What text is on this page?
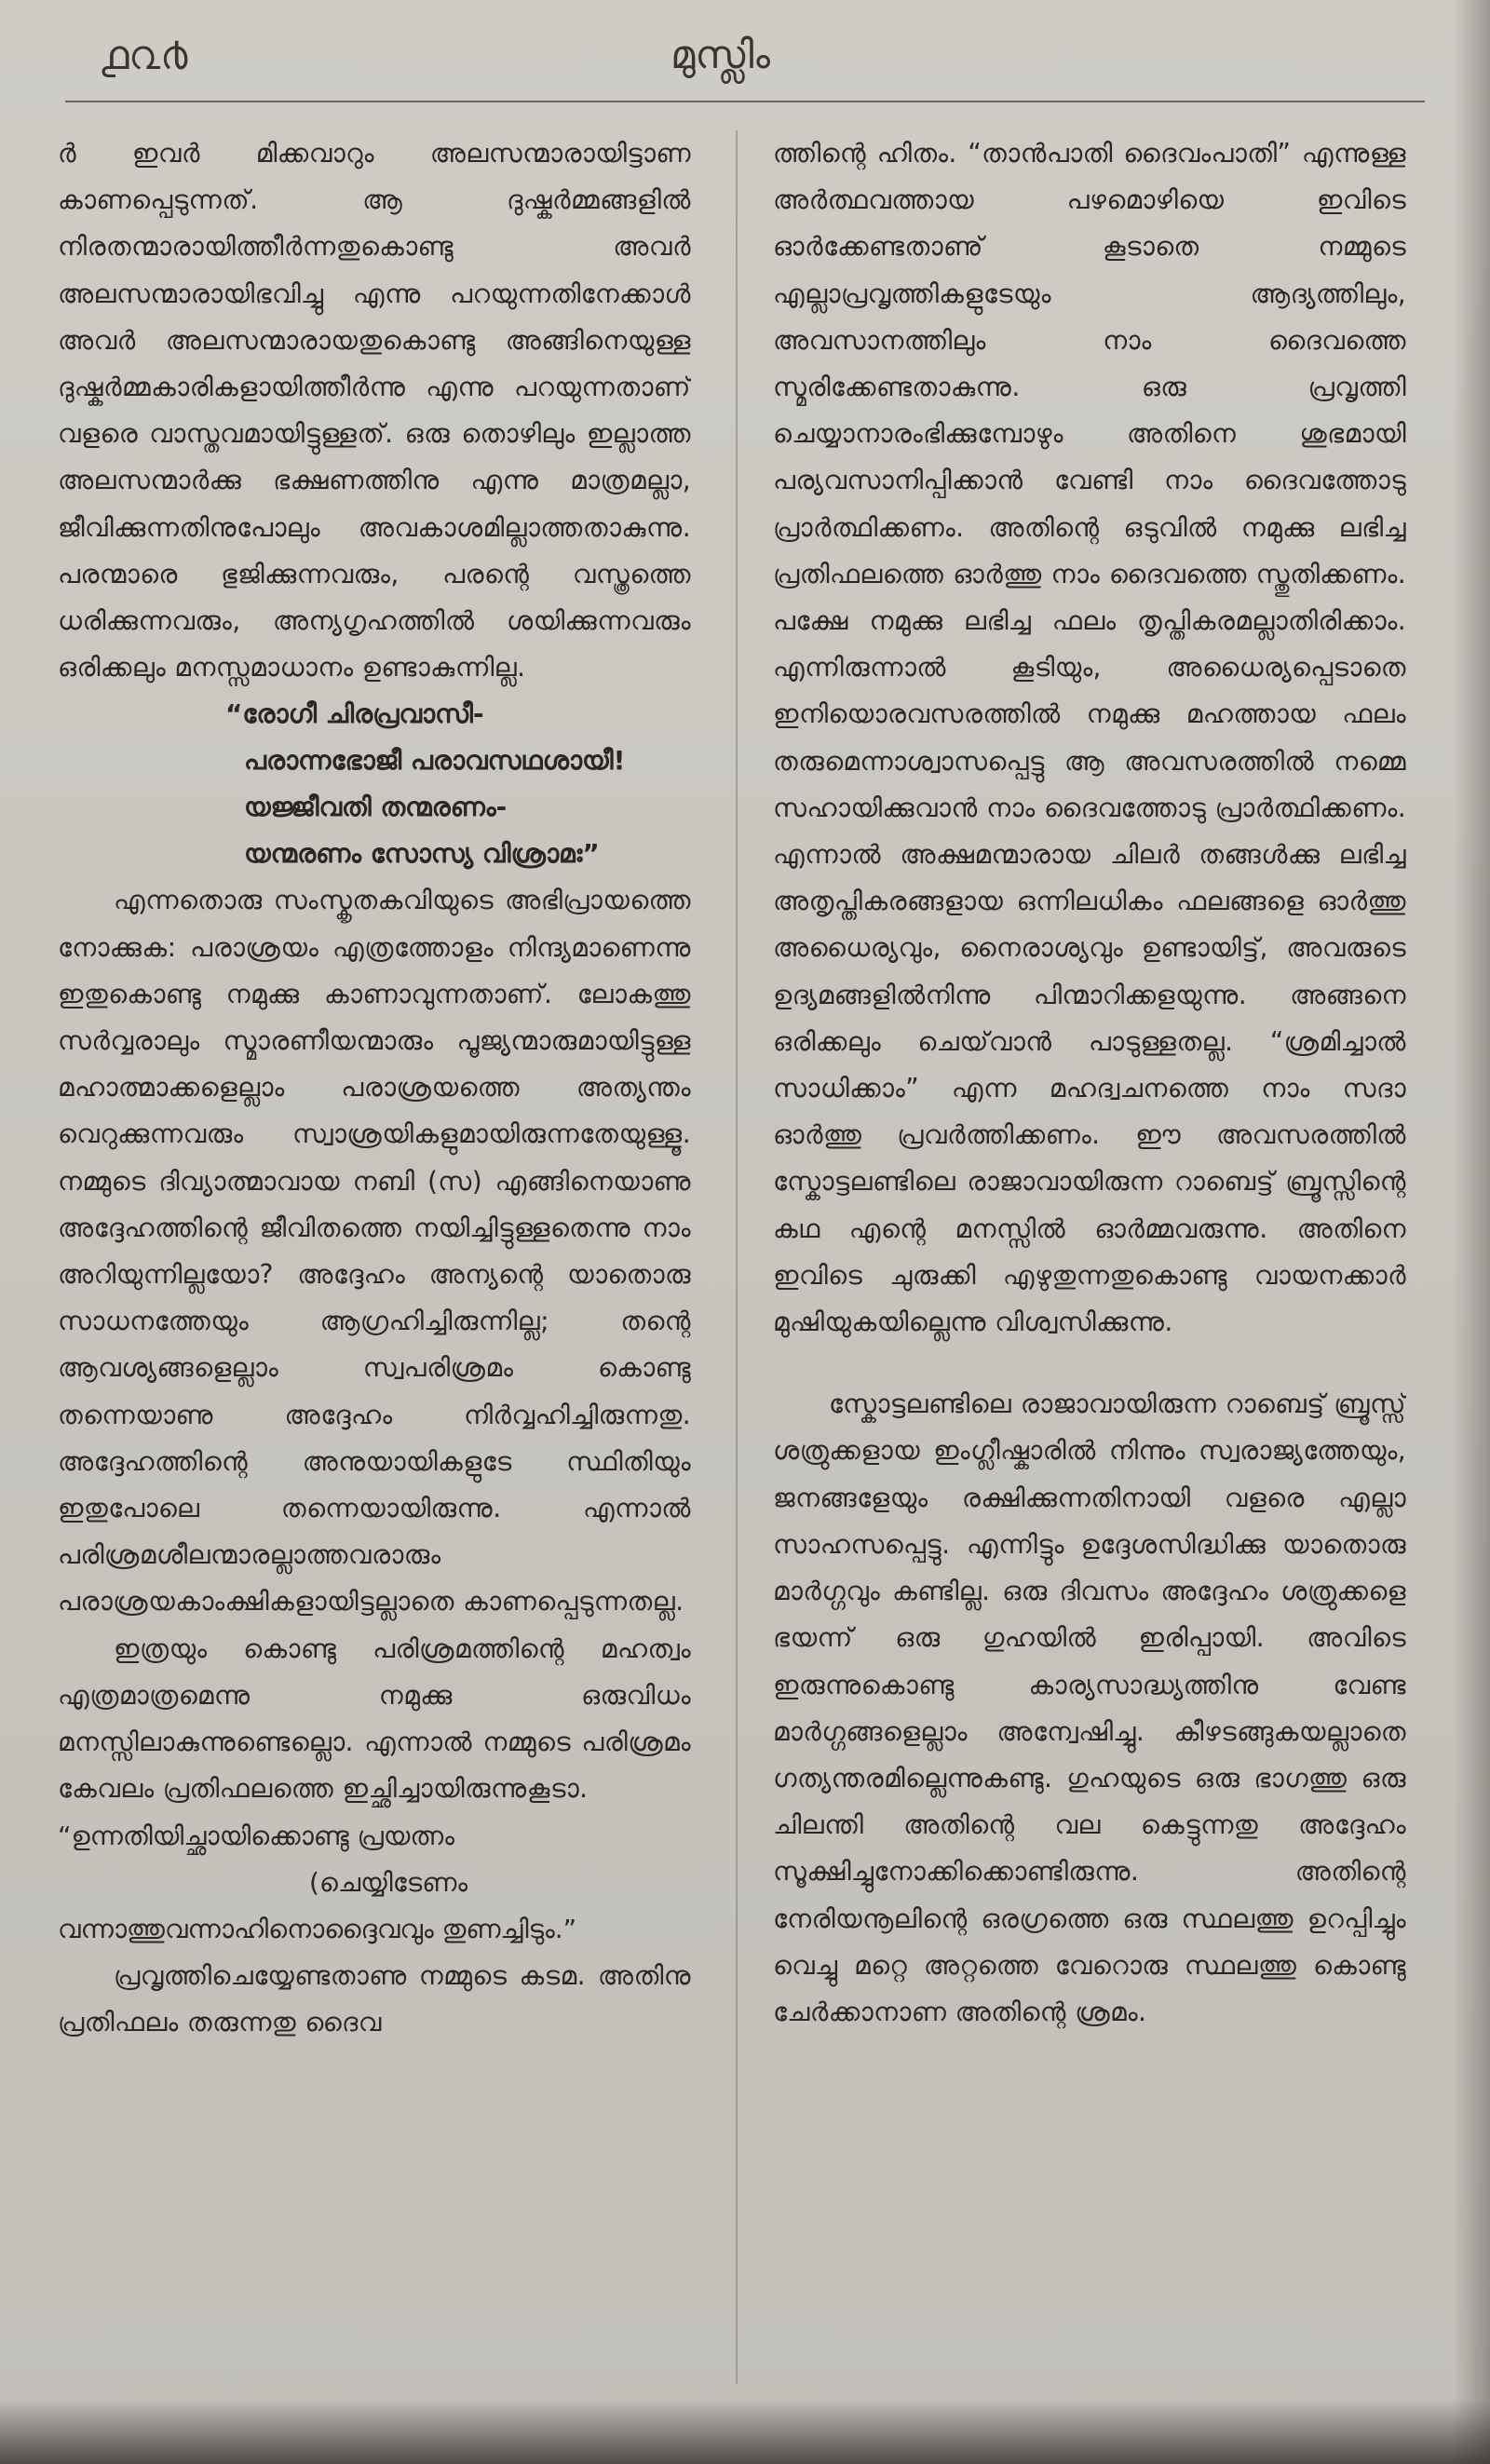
൧൨൪	മുസ്ലിം

ർ ഇവർ മിക്കവാറും അലസന്മാരായിട്ടാണ കാണപ്പെടുന്നത്. ആ ദുഷ്കർമ്മങ്ങളിൽ നിരതന്മാരായിത്തീർന്നതുകൊണ്ടു അവർ അലസന്മാരായിഭവിച്ചു എന്നു പറയുന്നതിനേക്കാൾ അവർ അലസന്മാരായതുകൊണ്ടു അങ്ങിനെയുള്ള ദുഷ്കർമ്മകാരികളായിത്തീർന്നു എന്നു പറയുന്നതാണ് വളരെ വാസ്തവമായിട്ടുള്ളത്. ഒരു തൊഴിലും ഇല്ലാത്ത അലസന്മാർക്കു ഭക്ഷണത്തിനു എന്നു മാത്രമല്ലാ, ജീവിക്കുന്നതിനുപോലും അവകാശമില്ലാത്തതാകുന്നു. പരന്മാരെ ഭുജിക്കുന്നവരും, പരന്റെ വസ്ത്രത്തെ ധരിക്കുന്നവരും, അന്യഗൃഹത്തിൽ ശയിക്കുന്നവരും ഒരിക്കലും മനസ്സമാധാനം ഉണ്ടാകുന്നില്ല.

“രോഗീ ചിരപ്രവാസീ-

പരാന്നഭോജീ പരാവസഥശായീ!

യജ്ജീവതി തന്മരണം-

യന്മരണം സോസ്യ വിശ്രാമഃ”

എന്നതൊരു സംസ്കൃതകവിയുടെ അഭിപ്രായത്തെ നോക്കുക: പരാശ്രയം എത്രത്തോളം നിന്ദ്യമാണെന്നു ഇതുകൊണ്ടു നമുക്കു കാണാവുന്നതാണ്. ലോകത്തു സർവ്വരാലും സ്മാരണീയന്മാരും പൂജ്യന്മാരുമായിട്ടുള്ള മഹാത്മാക്കളെല്ലാം പരാശ്രയത്തെ അത്യന്തം വെറുക്കുന്നവരും സ്വാശ്രയികളുമായിരുന്നതേയുള്ളൂ. നമ്മുടെ ദിവ്യാത്മാവായ നബി (സ) എങ്ങിനെയാണു അദ്ദേഹത്തിന്റെ ജീവിതത്തെ നയിച്ചിട്ടുള്ളതെന്നു നാം അറിയുന്നില്ലയോ? അദ്ദേഹം അന്യന്റെ യാതൊരു സാധനത്തേയും ആഗ്രഹിച്ചിരുന്നില്ല; തന്റെ ആവശ്യങ്ങളെല്ലാം സ്വപരിശ്രമം കൊണ്ടു തന്നെയാണു അദ്ദേഹം നിർവ്വഹിച്ചിരുന്നതു. അദ്ദേഹത്തിന്റെ അനുയായികളുടേ സ്ഥിതിയും ഇതുപോലെ തന്നെയായിരുന്നു. എന്നാൽ പരിശ്രമശീലന്മാരല്ലാത്തവരാരും പരാശ്രയകാംക്ഷികളായിട്ടല്ലാതെ കാണപ്പെടുന്നതല്ല.

ഇത്രയും കൊണ്ടു പരിശ്രമത്തിന്റെ മഹത്വം എത്രമാത്രമെന്നു നമുക്കു ഒരുവിധം മനസ്സിലാകുന്നുണ്ടെല്ലൊ. എന്നാൽ നമ്മുടെ പരിശ്രമം കേവലം പ്രതിഫലത്തെ ഇച്ഛിച്ചായിരുന്നുകൂടാ.

“ഉന്നതിയിച്ഛായിക്കൊണ്ടു പ്രയത്നം

(ചെയ്യിടേണം

വന്നാത്തുവന്നാഹിനൊദ്ദൈവവും തുണച്ചിടും.”

പ്രവൃത്തിചെയ്യേണ്ടതാണു നമ്മുടെ കടമ. അതിനു പ്രതിഫലം തരുന്നതു ദൈവ

ത്തിന്റെ ഹിതം. “താൻപാതി ദൈവംപാതി” എന്നുള്ള അർത്ഥവത്തായ പഴമൊഴിയെ ഇവിടെ ഓർക്കേണ്ടതാണു് കൂടാതെ നമ്മുടെ എല്ലാപ്രവൃത്തികളുടേയും ആദ്യത്തിലും, അവസാനത്തിലും നാം ദൈവത്തെ സ്മരിക്കേണ്ടതാകുന്നു. ഒരു പ്രവൃത്തി ചെയ്യാനാരംഭിക്കുമ്പോഴും അതിനെ ശുഭമായി പര്യവസാനിപ്പിക്കാൻ വേണ്ടി നാം ദൈവത്തോടു പ്രാർത്ഥിക്കണം. അതിന്റെ ഒടുവിൽ നമുക്കു ലഭിച്ച പ്രതിഫലത്തെ ഓർത്തു നാം ദൈവത്തെ സ്തുതിക്കണം. പക്ഷേ നമുക്കു ലഭിച്ച ഫലം തൃപ്തികരമല്ലാതിരിക്കാം. എന്നിരുന്നാൽ കൂടിയും, അധൈര്യപ്പെടാതെ ഇനിയൊരവസരത്തിൽ നമുക്കു മഹത്തായ ഫലം തരുമെന്നാശ്വാസപ്പെട്ടു ആ അവസരത്തിൽ നമ്മെ സഹായിക്കുവാൻ നാം ദൈവത്തോടു പ്രാർത്ഥിക്കണം. എന്നാൽ അക്ഷമന്മാരായ ചിലർ തങ്ങൾക്കു ലഭിച്ച അതൃപ്തികരങ്ങളായ ഒന്നിലധികം ഫലങ്ങളെ ഓർത്തു അധൈര്യവും, നൈരാശ്യവും ഉണ്ടായിട്ട്, അവരുടെ ഉദ്യമങ്ങളിൽനിന്നു പിന്മാറിക്കളയുന്നു. അങ്ങനെ ഒരിക്കലും ചെയ്‌വാൻ പാടുള്ളതല്ല. “ശ്രമിച്ചാൽ സാധിക്കാം” എന്ന മഹദ്വചനത്തെ നാം സദാ ഓർത്തു പ്രവർത്തിക്കണം. ഈ അവസരത്തിൽ സ്കോട്ടലണ്ടിലെ രാജാവായിരുന്ന റാബെട്ട് ബ്രൂസ്സിന്റെ കഥ എന്റെ മനസ്സിൽ ഓർമ്മവരുന്നു. അതിനെ ഇവിടെ ചുരുക്കി എഴുതുന്നതുകൊണ്ടു വായനക്കാർ മുഷിയുകയില്ലെന്നു വിശ്വസിക്കുന്നു.

സ്കോട്ടലണ്ടിലെ രാജാവായിരുന്ന റാബെട്ട് ബ്രൂസ്സ് ശത്രുക്കളായ ഇംഗ്ലീഷ്കാരിൽ നിന്നും സ്വരാജ്യത്തേയും, ജനങ്ങളേയും രക്ഷിക്കുന്നതിനായി വളരെ എല്ലാ സാഹസപ്പെട്ടു. എന്നിട്ടും ഉദ്ദേശസിദ്ധിക്കു യാതൊരു മാർഗ്ഗവും കണ്ടില്ല. ഒരു ദിവസം അദ്ദേഹം ശത്രുക്കളെ ഭയന്ന് ഒരു ഗുഹയിൽ ഇരിപ്പായി. അവിടെ ഇരുന്നുകൊണ്ടു കാര്യസാദ്ധ്യത്തിനു വേണ്ട മാർഗ്ഗങ്ങളെല്ലാം അന്വേഷിച്ചു. കീഴടങ്ങുകയല്ലാതെ ഗത്യന്തരമില്ലെന്നുകണ്ടു. ഗുഹയുടെ ഒരു ഭാഗത്തു ഒരു ചിലന്തി അതിന്റെ വല കെട്ടുന്നതു അദ്ദേഹം സൂക്ഷിച്ചുനോക്കിക്കൊണ്ടിരുന്നു. അതിന്റെ നേരിയനൂലിന്റെ ഒരഗ്രത്തെ ഒരു സ്ഥലത്തു ഉറപ്പിച്ചും വെച്ചു മറ്റെ അറ്റത്തെ വേറൊരു സ്ഥലത്തു കൊണ്ടു ചേർക്കാനാണ അതിന്റെ ശ്രമം.
